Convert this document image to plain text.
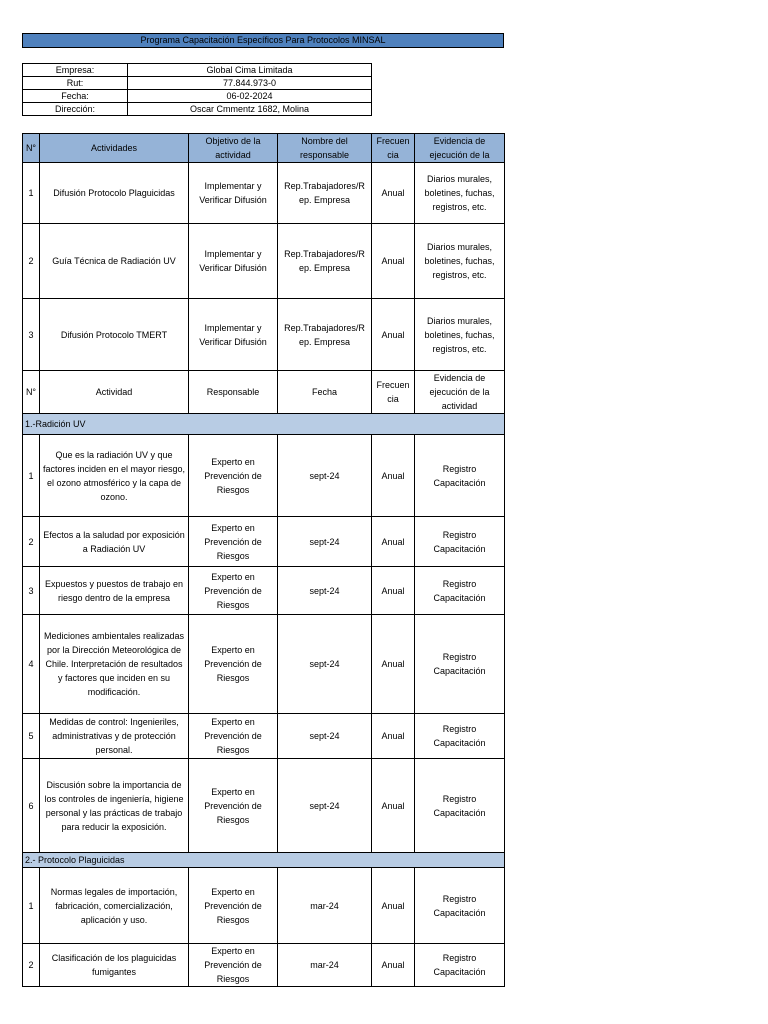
Programa Capacitación Específicos Para Protocolos MINSAL
Empresa:	Global Cima Limitada
Rut:	77.844.973-0
Fecha:	06-02-2024
Dirección:	Oscar Cmmentz 1682, Molina
N°	Actividades	Objetivo de la actividad	Nombre del responsable	Frecuen cia	Evidencia de ejecución de la
1	Difusión Protocolo Plaguicidas	Implementar y Verificar Difusión	Rep.Trabajadores/R ep. Empresa	Anual	Diarios murales, boletines, fuchas, registros, etc.
2	Guía Técnica de Radiación UV	Implementar y Verificar Difusión	Rep.Trabajadores/R ep. Empresa	Anual	Diarios murales, boletines, fuchas, registros, etc.
3	Difusión Protocolo TMERT	Implementar y Verificar Difusión	Rep.Trabajadores/R ep. Empresa	Anual	Diarios murales, boletines, fuchas, registros, etc.
N°	Actividad	Responsable	Fecha	Frecuen cia	Evidencia de ejecución de la actividad
1.-Radición UV					
1	Que es la radiación UV y que factores inciden en el mayor riesgo, el ozono atmosférico y la capa de ozono.	Experto en Prevención de Riesgos	sept-24	Anual	Registro Capacitación
2	Efectos a la saludad por exposición a Radiación UV	Experto en Prevención de Riesgos	sept-24	Anual	Registro Capacitación
3	Expuestos y puestos de trabajo en riesgo dentro de la empresa	Experto en Prevención de Riesgos	sept-24	Anual	Registro Capacitación
4	Mediciones ambientales realizadas por la Dirección Meteorológica de Chile. Interpretación de resultados y factores que inciden en su modificación.	Experto en Prevención de Riesgos	sept-24	Anual	Registro Capacitación
5	Medidas de control: Ingenieriles, administrativas y de protección personal.	Experto en Prevención de Riesgos	sept-24	Anual	Registro Capacitación
6	Discusión sobre la importancia de los controles de ingeniería, higiene personal y las prácticas de trabajo para reducir la exposición.	Experto en Prevención de Riesgos	sept-24	Anual	Registro Capacitación
2.- Protocolo Plaguicidas					
1	Normas legales de importación, fabricación, comercialización, aplicación y uso.	Experto en Prevención de Riesgos	mar-24	Anual	Registro Capacitación
2	Clasificación de los plaguicidas fumigantes	Experto en Prevención de Riesgos	mar-24	Anual	Registro Capacitación
